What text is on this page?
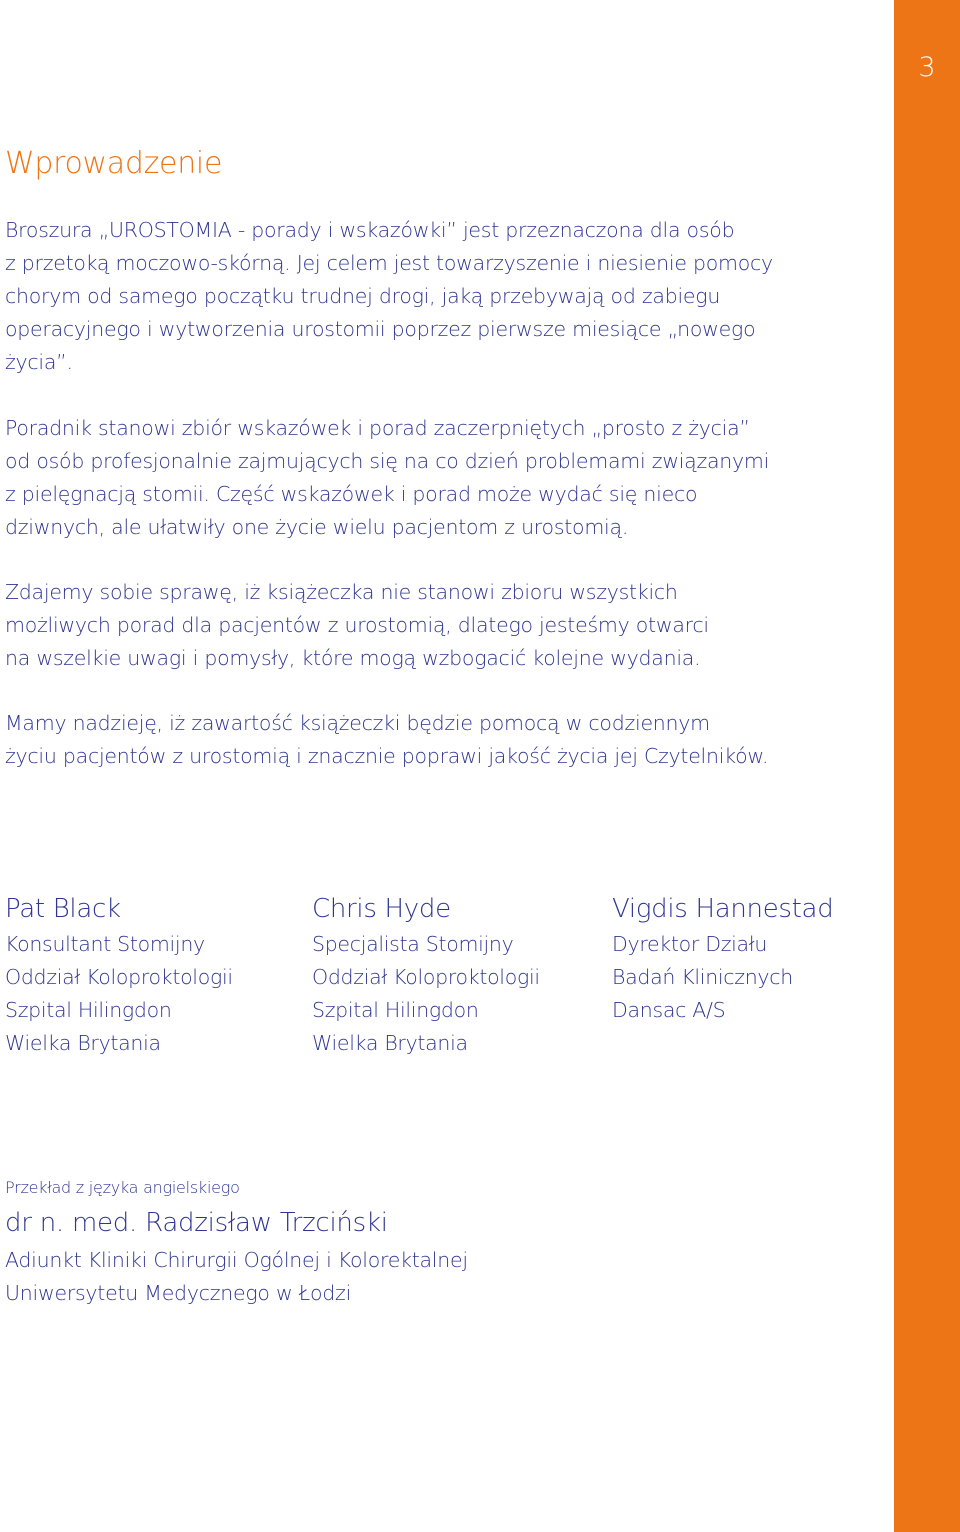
3
Wprowadzenie

Broszura „UROSTOMIA - porady i wskazówki” jest przeznaczona dla osób
z przetoką moczowo-skórną. Jej celem jest towarzyszenie i niesienie pomocy
chorym od samego początku trudnej drogi, jaką przebywają od zabiegu
operacyjnego i wytworzenia urostomii poprzez pierwsze miesiące „nowego
życia”.

Poradnik stanowi zbiór wskazówek i porad zaczerpniętych „prosto z życia”
od osób profesjonalnie zajmujących się na co dzień problemami związanymi
z pielęgnacją stomii. Część wskazówek i porad może wydać się nieco
dziwnych, ale ułatwiły one życie wielu pacjentom z urostomią.

Zdajemy sobie sprawę, iż książeczka nie stanowi zbioru wszystkich
możliwych porad dla pacjentów z urostomią, dlatego jesteśmy otwarci
na wszelkie uwagi i pomysły, które mogą wzbogacić kolejne wydania.

Mamy nadzieję, iż zawartość książeczki będzie pomocą w codziennym
życiu pacjentów z urostomią i znacznie poprawi jakość życia jej Czytelników.

Pat Black
Konsultant Stomijny
Oddział Koloproktologii
Szpital Hilingdon
Wielka Brytania
Chris Hyde
Specjalista Stomijny
Oddział Koloproktologii
Szpital Hilingdon
Wielka Brytania
Vigdis Hannestad
Dyrektor Działu
Badań Klinicznych
Dansac A/S
Przekład z języka angielskiego
dr n. med. Radzisław Trzciński
Adiunkt Kliniki Chirurgii Ogólnej i Kolorektalnej
Uniwersytetu Medycznego w Łodzi
